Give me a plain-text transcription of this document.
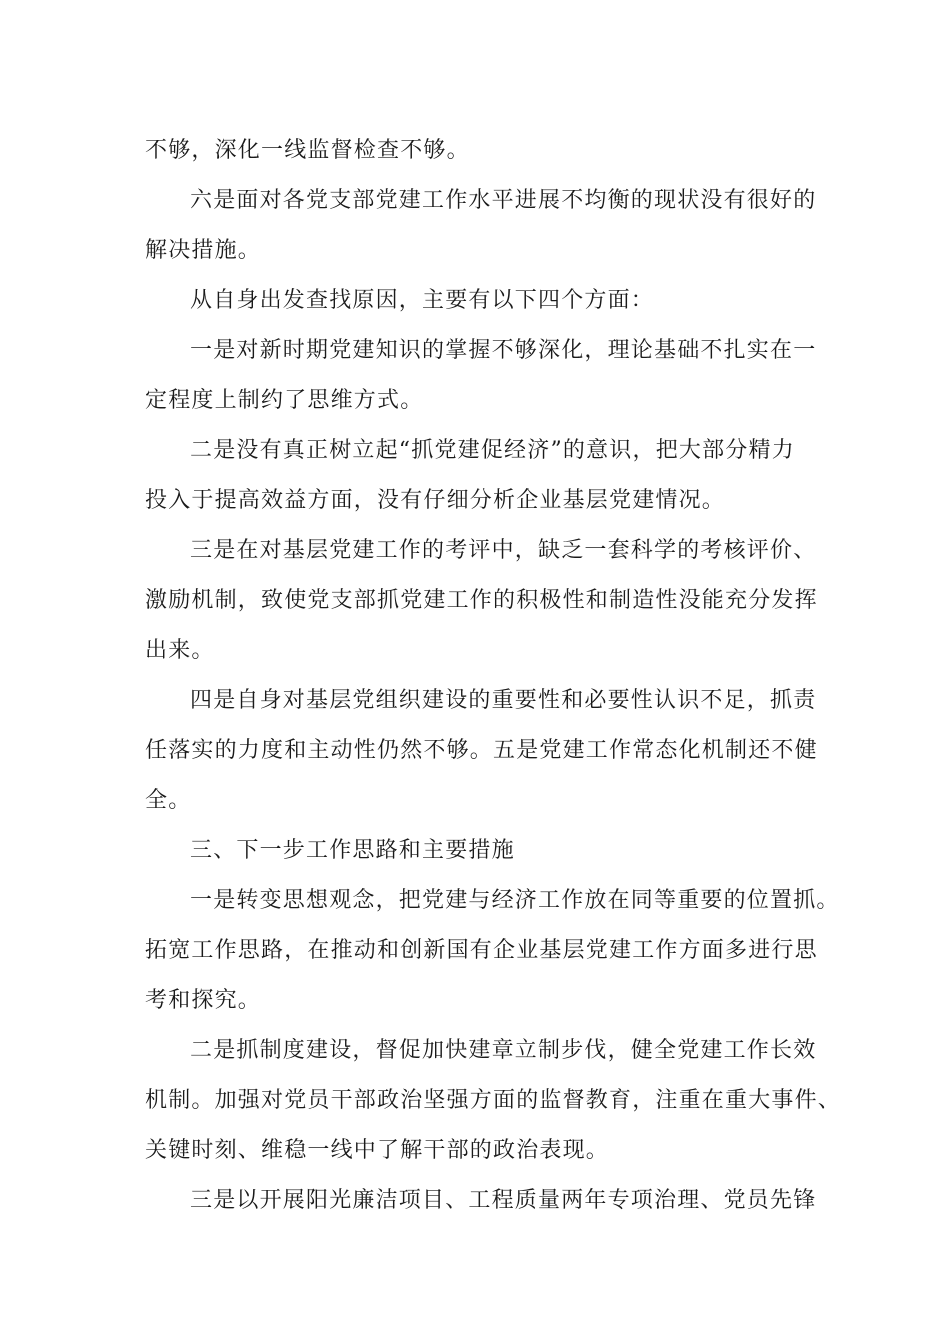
不够，深化一线监督检查不够。
六是面对各党支部党建工作水平进展不均衡的现状没有很好的
解决措施。
从自身出发查找原因，主要有以下四个方面：
一是对新时期党建知识的掌握不够深化，理论基础不扎实在一
定程度上制约了思维方式。
二是没有真正树立起“抓党建促经济”的意识，把大部分精力
投入于提高效益方面，没有仔细分析企业基层党建情况。
三是在对基层党建工作的考评中，缺乏一套科学的考核评价、
激励机制，致使党支部抓党建工作的积极性和制造性没能充分发挥
出来。
四是自身对基层党组织建设的重要性和必要性认识不足，抓责
任落实的力度和主动性仍然不够。五是党建工作常态化机制还不健
全。
三、下一步工作思路和主要措施
一是转变思想观念，把党建与经济工作放在同等重要的位置抓。
拓宽工作思路，在推动和创新国有企业基层党建工作方面多进行思
考和探究。
二是抓制度建设，督促加快建章立制步伐，健全党建工作长效
机制。加强对党员干部政治坚强方面的监督教育，注重在重大事件、
关键时刻、维稳一线中了解干部的政治表现。
三是以开展阳光廉洁项目、工程质量两年专项治理、党员先锋
